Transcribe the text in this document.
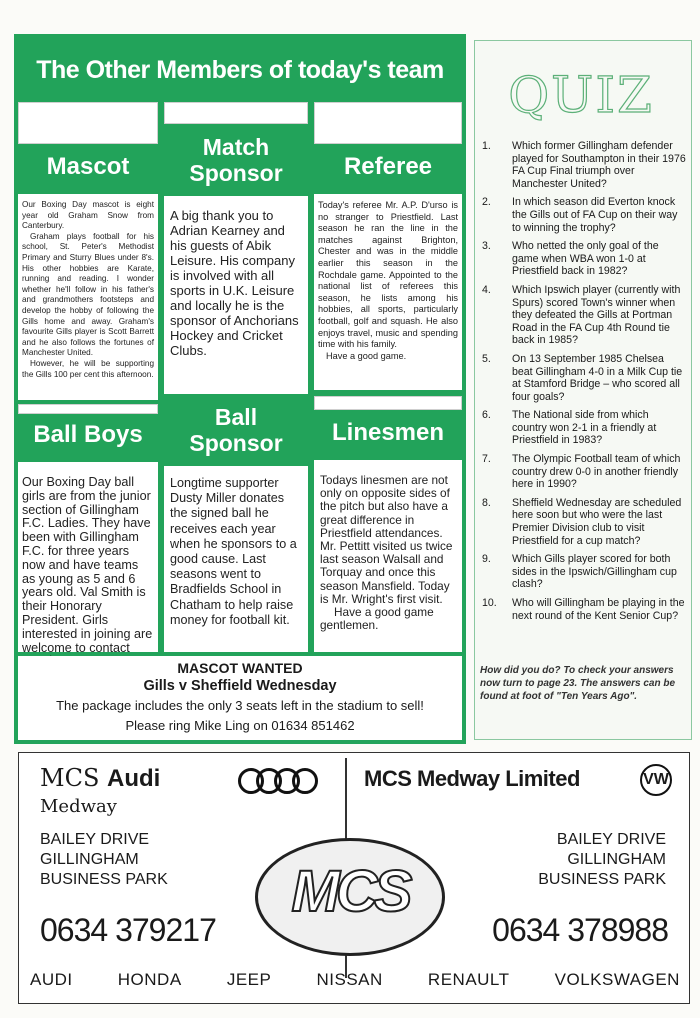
The Other Members of today's team
Mascot
Match Sponsor	Referee
Our Boxing Day mascot is eight year old Graham Snow from Canterbury.
Graham plays football for his school, St. Peter's Methodist Primary and Sturry Blues under 8's. His other hobbies are Karate, running and reading. I wonder whether he'll follow in his father's and grandmothers footsteps and develop the hobby of following the Gills home and away. Graham's favourite Gills player is Scott Barrett and he also follows the fortunes of Manchester United.
However, he will be supporting the Gills 100 per cent this afternoon.
A big thank you to Adrian Kearney and his guests of Abik Leisure. His company is involved with all sports in U.K. Leisure and locally he is the sponsor of Anchorians Hockey and Cricket Clubs.
Today's referee Mr. A.P. D'urso is no stranger to Priestfield. Last season he ran the line in the matches against Brighton, Chester and was in the middle earlier this season in the Rochdale game. Appointed to the national list of referees this season, he lists among his hobbies, all sports, particularly football, golf and squash. He also enjoys travel, music and spending time with his family.
Have a good game.
Ball Boys
Ball Sponsor	Linesmen
Our Boxing Day ball girls are from the junior section of Gillingham F.C. Ladies. They have been with Gillingham F.C. for three years now and have teams as young as 5 and 6 years old. Val Smith is their Honorary President. Girls interested in joining are welcome to contact
Longtime supporter Dusty Miller donates the signed ball he receives each year when he sponsors to a good cause. Last seasons went to Bradfields School in Chatham to help raise money for football kit.
Todays linesmen are not only on opposite sides of the pitch but also have a great difference in Priestfield attendances. Mr. Pettitt visited us twice last season Walsall and Torquay and once this season Mansfield. Today is Mr. Wright's first visit.
Have a good game gentlemen.
MASCOT WANTED
Gills v Sheffield Wednesday
The package includes the only 3 seats left in the stadium to sell!
Please ring Mike Ling on 01634 851462
QUIZ
1.	Which former Gillingham defender played for Southampton in their 1976 FA Cup Final triumph over Manchester United?
2.	In which season did Everton knock the Gills out of FA Cup on their way to winning the trophy?
3.	Who netted the only goal of the game when WBA won 1-0 at Priestfield back in 1982?
4.	Which Ipswich player (currently with Spurs) scored Town's winner when they defeated the Gills at Portman Road in the FA Cup 4th Round tie back in 1985?
5.	On 13 September 1985 Chelsea beat Gillingham 4-0 in a Milk Cup tie at Stamford Bridge – who scored all four goals?
6.	The National side from which country won 2-1 in a friendly at Priestfield in 1983?
7.	The Olympic Football team of which country drew 0-0 in another friendly here in 1990?
8.	Sheffield Wednesday are scheduled here soon but who were the last Premier Division club to visit Priestfield for a cup match?
9.	Which Gills player scored for both sides in the Ipswich/Gillingham cup clash?
10.	Who will Gillingham be playing in the next round of the Kent Senior Cup?
How did you do? To check your answers now turn to page 23. The answers can be found at foot of "Ten Years Ago".
MCS Audi
Medway
BAILEY DRIVE
GILLINGHAM
BUSINESS PARK
0634 379217
MCS Medway Limited	VW
BAILEY DRIVE
GILLINGHAM
BUSINESS PARK
0634 378988
MCS
AUDI	HONDA	JEEP	NISSAN	RENAULT	VOLKSWAGEN
